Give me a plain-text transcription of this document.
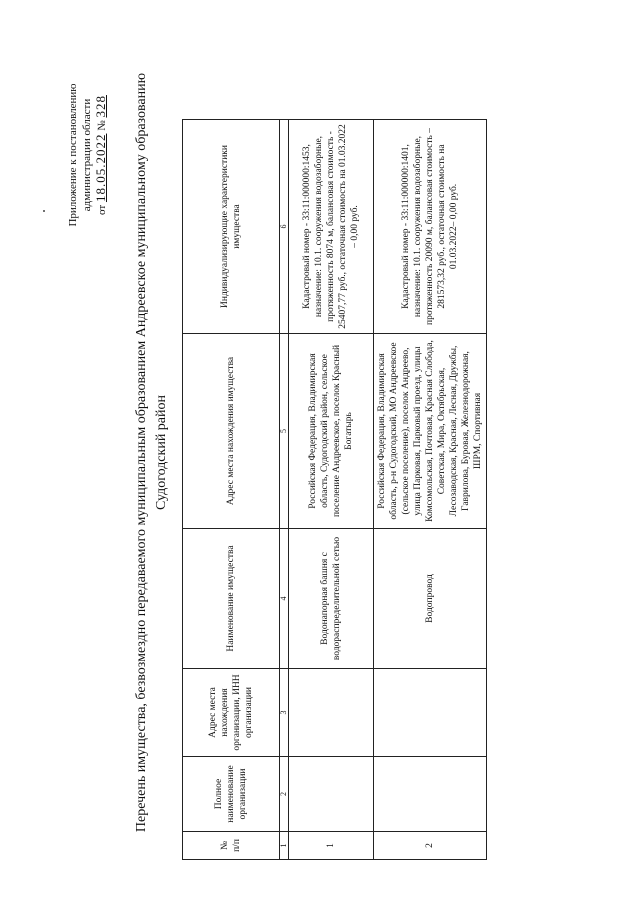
Приложение к постановлению администрации области от 18.05.2022 № 328 Перечень имущества, безвозмездно передаваемого муниципальным образованием Андреевское муниципальному образованию Судогодский район
№ п/п	Полное наименование организации	Адрес места нахождения организации, ИНН организации	Наименование имущества	Адрес места нахождения имущества	Индивидуализирующие характеристики имущества
1	2	3	4	5	6
1			Водонапорная башня с водораспределительной сетью	Российская Федерация, Владимирская область, Судогодский район, сельское поселение Андреевское, поселок Красный Богатырь	Кадастровый номер - 33:11:000000:1453, назначение: 10.1. сооружения водозаборные, протяженность 8074 м, балансовая стоимость - 25407,77 руб., остаточная стоимость на 01.03.2022 – 0,00 руб.
2			Водопровод	Российская Федерация, Владимирская область, р-н Судогодский, МО Андреевское (сельское поселение), поселок Андреево, улица Парковая, Парковый проезд, улицы Комсомольская, Почтовая, Красная Слобода, Советская, Мира, Октябрьская, Лесозаводская, Красная, Лесная, Дружбы, Гаврилова, Буровая, Железнодорожная, ШРМ, Спортивная	Кадастровый номер - 33:11:000000:1401, назначение: 10.1. сооружения водозаборные, протяженность 20090 м, балансовая стоимость – 281573,32 руб., остаточная стоимость на 01.03.2022– 0,00 руб.
